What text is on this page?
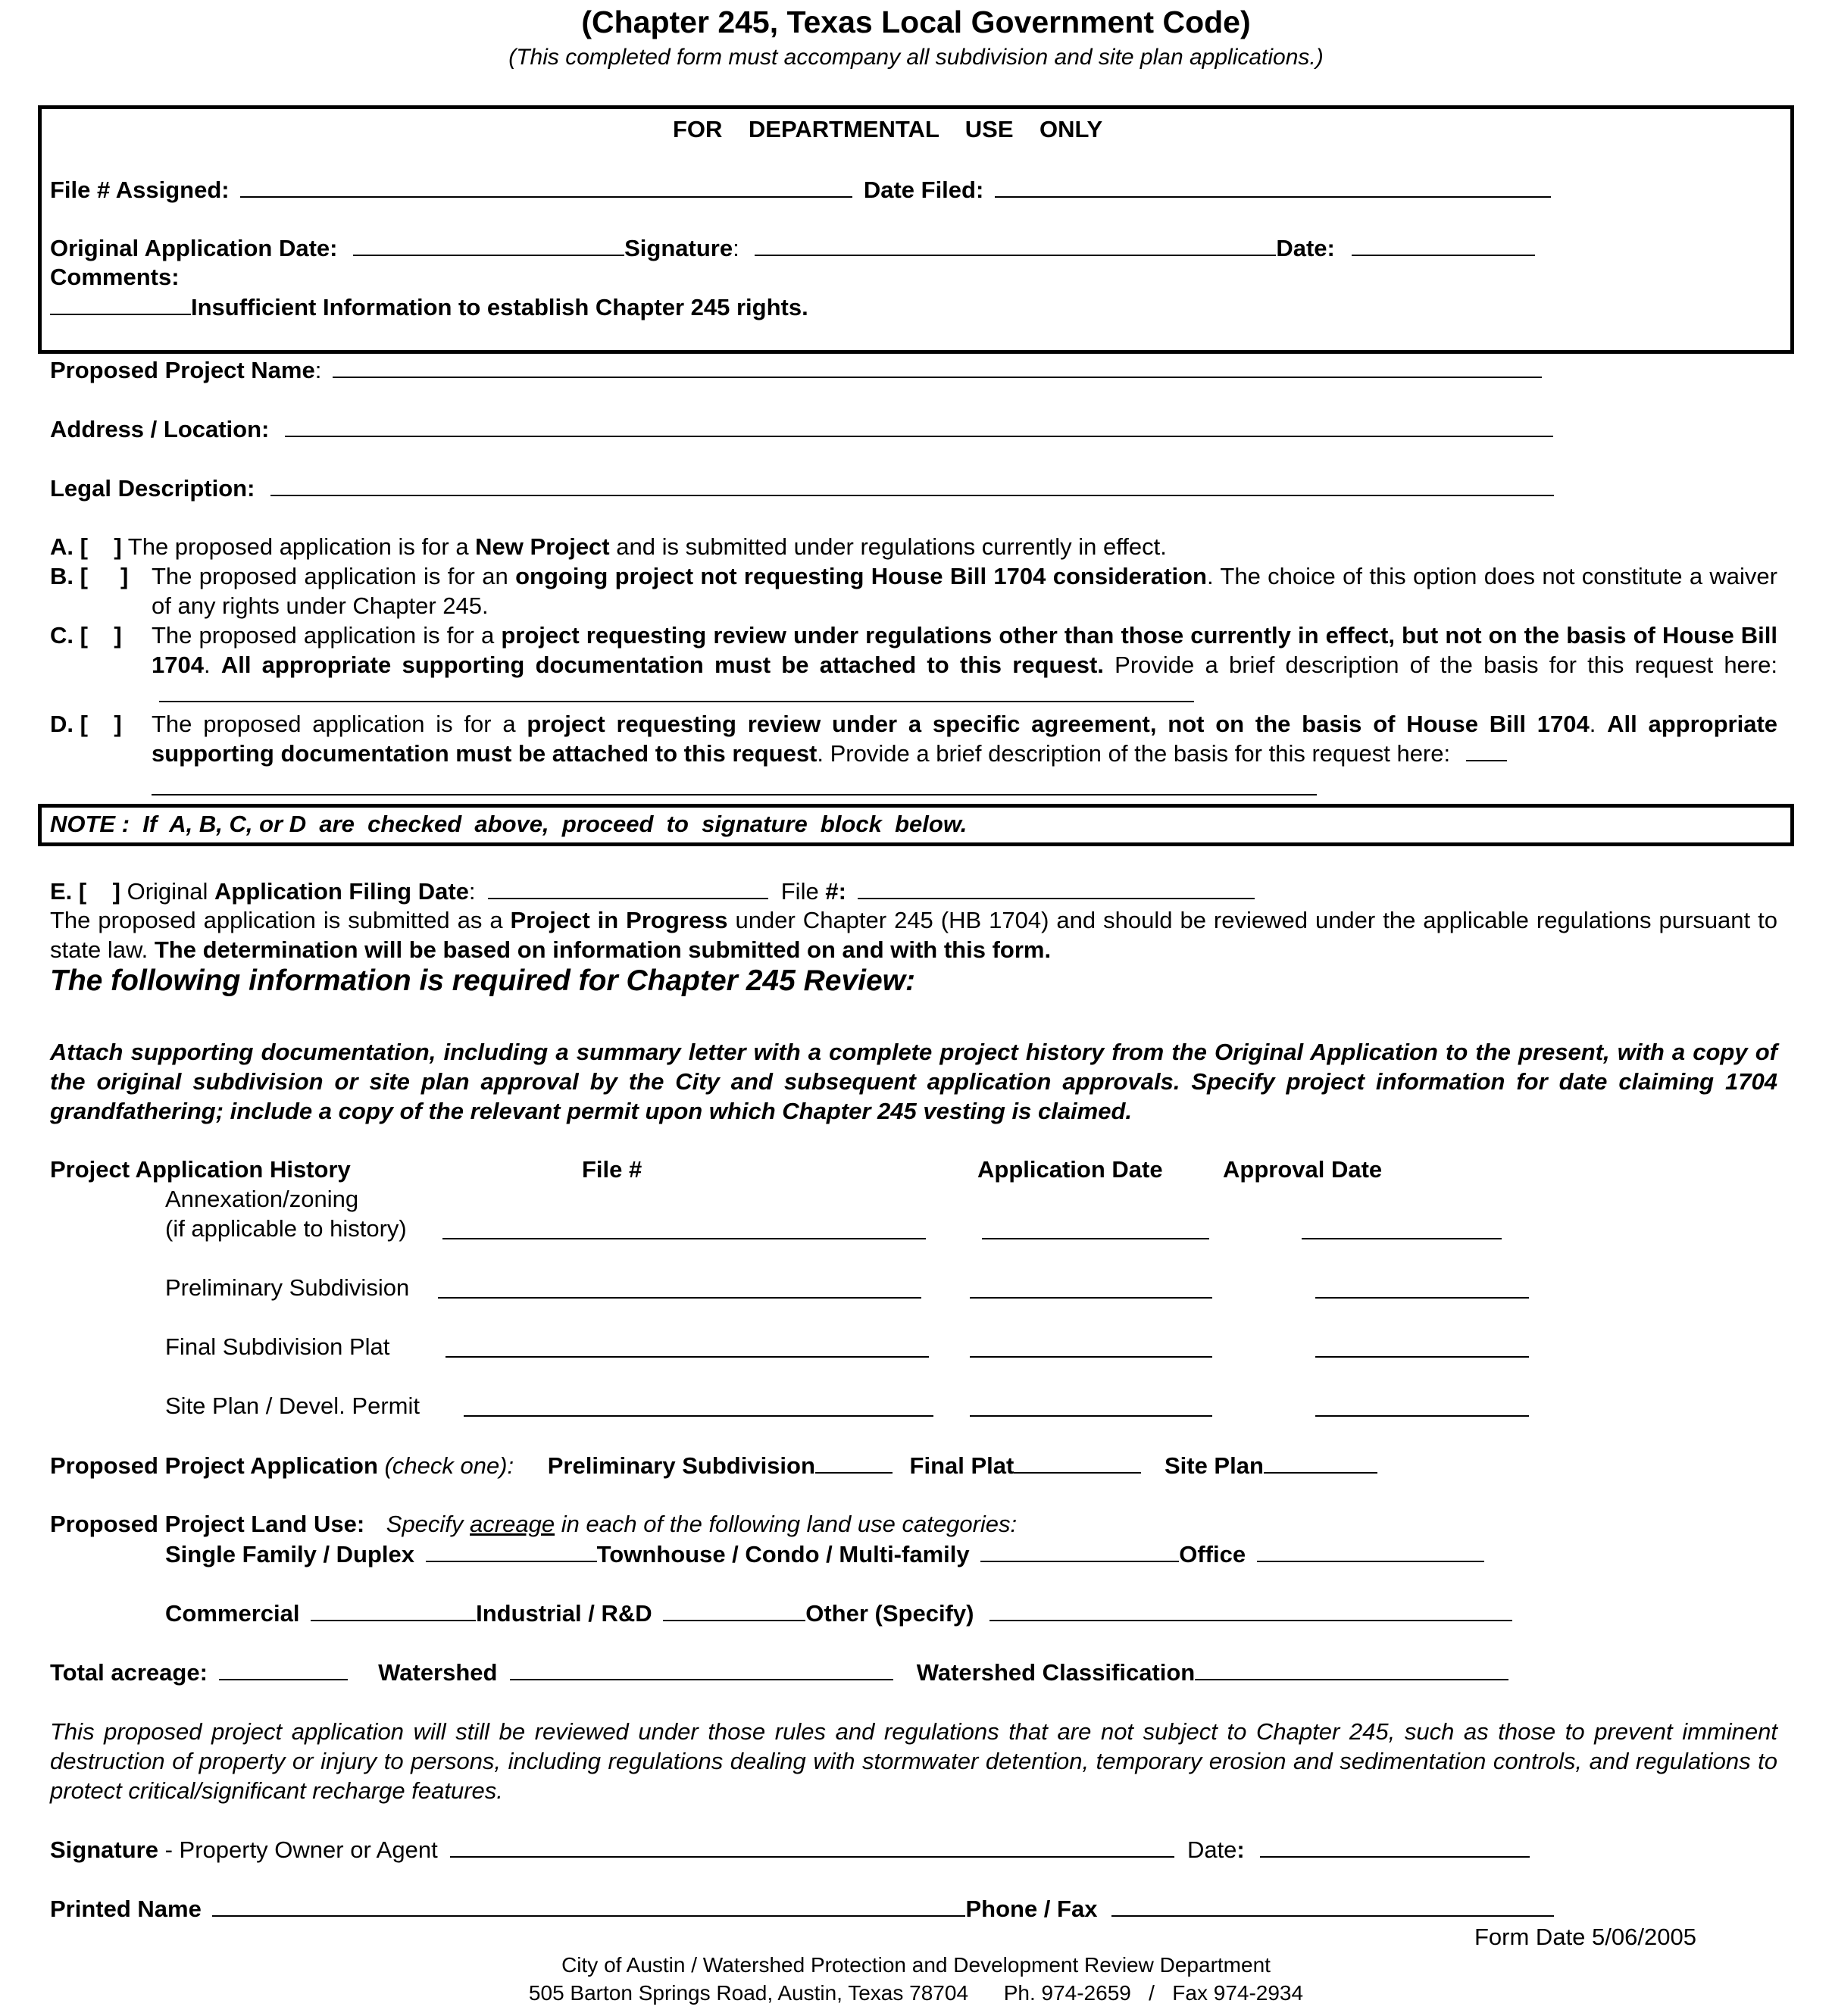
(Chapter 245, Texas Local Government Code)
(This completed form must accompany all subdivision and site plan applications.)
FOR    DEPARTMENTAL    USE    ONLY
File # Assigned:	Date Filed:
Original Application Date:	Signature:	Date:
Comments:
Insufficient Information to establish Chapter 245 rights.
Proposed Project Name:
Address / Location:
Legal Description:
A. [    ] The proposed application is for a New Project and is submitted under regulations currently in effect.
B. [     ] The proposed application is for an ongoing project not requesting House Bill 1704 consideration. The choice of this option does not constitute a waiver of any rights under Chapter 245.
C. [    ] The proposed application is for a project requesting review under regulations other than those currently in effect, but not on the basis of House Bill 1704. All appropriate supporting documentation must be attached to this request. Provide a brief description of the basis for this request here:
D. [    ] The proposed application is for a project requesting review under a specific agreement, not on the basis of House Bill 1704. All appropriate supporting documentation must be attached to this request. Provide a brief description of the basis for this request here:
NOTE :  If  A, B, C, or D  are  checked  above,  proceed  to  signature  block  below.
E. [    ] Original Application Filing Date:	File #:
The proposed application is submitted as a Project in Progress under Chapter 245 (HB 1704) and should be reviewed under the applicable regulations pursuant to state law. The determination will be based on information submitted on and with this form.
The following information is required for Chapter 245 Review:
Attach supporting documentation, including a summary letter with a complete project history from the Original Application to the present, with a copy of the original subdivision or site plan approval by the City and subsequent application approvals. Specify project information for date claiming 1704 grandfathering; include a copy of the relevant permit upon which Chapter 245 vesting is claimed.
Project Application History	File #	Application Date	Approval Date
Annexation/zoning
(if applicable to history)
Preliminary Subdivision
Final Subdivision Plat
Site Plan / Devel. Permit
Proposed Project Application (check one): Preliminary Subdivision	Final Plat	Site Plan
Proposed Project Land Use: Specify acreage in each of the following land use categories:
Single Family / Duplex	Townhouse / Condo / Multi-family	Office
Commercial	Industrial / R&D	Other (Specify)
Total acreage:	Watershed	Watershed Classification
This proposed project application will still be reviewed under those rules and regulations that are not subject to Chapter 245, such as those to prevent imminent destruction of property or injury to persons, including regulations dealing with stormwater detention, temporary erosion and sedimentation controls, and regulations to protect critical/significant recharge features.
Signature - Property Owner or Agent	Date:
Printed Name	Phone / Fax
Form Date 5/06/2005
City of Austin / Watershed Protection and Development Review Department
505 Barton Springs Road, Austin, Texas 78704      Ph. 974-2659   /   Fax 974-2934
